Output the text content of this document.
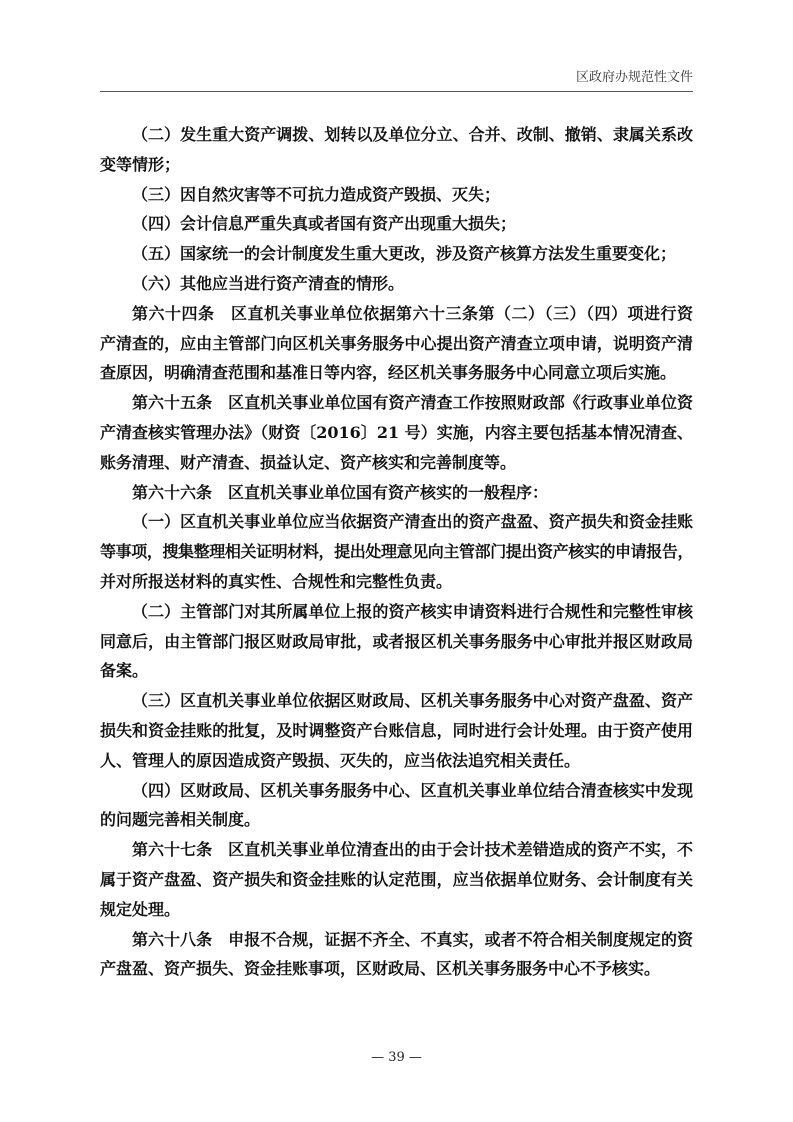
区政府办规范性文件
（二）发生重大资产调拨、划转以及单位分立、合并、改制、撤销、隶属关系改
变等情形；
（三）因自然灾害等不可抗力造成资产毁损、灭失；
（四）会计信息严重失真或者国有资产出现重大损失；
（五）国家统一的会计制度发生重大更改，涉及资产核算方法发生重要变化；
（六）其他应当进行资产清查的情形。
第六十四条　区直机关事业单位依据第六十三条第（二）（三）（四）项进行资
产清查的，应由主管部门向区机关事务服务中心提出资产清查立项申请，说明资产清
查原因，明确清查范围和基准日等内容，经区机关事务服务中心同意立项后实施。
第六十五条　区直机关事业单位国有资产清查工作按照财政部《行政事业单位资
产清查核实管理办法》（财资〔2016〕21 号）实施，内容主要包括基本情况清查、
账务清理、财产清查、损益认定、资产核实和完善制度等。
第六十六条　区直机关事业单位国有资产核实的一般程序：
（一）区直机关事业单位应当依据资产清查出的资产盘盈、资产损失和资金挂账
等事项，搜集整理相关证明材料，提出处理意见向主管部门提出资产核实的申请报告，
并对所报送材料的真实性、合规性和完整性负责。
（二）主管部门对其所属单位上报的资产核实申请资料进行合规性和完整性审核
同意后，由主管部门报区财政局审批，或者报区机关事务服务中心审批并报区财政局
备案。
（三）区直机关事业单位依据区财政局、区机关事务服务中心对资产盘盈、资产
损失和资金挂账的批复，及时调整资产台账信息，同时进行会计处理。由于资产使用
人、管理人的原因造成资产毁损、灭失的，应当依法追究相关责任。
（四）区财政局、区机关事务服务中心、区直机关事业单位结合清查核实中发现
的问题完善相关制度。
第六十七条　区直机关事业单位清查出的由于会计技术差错造成的资产不实，不
属于资产盘盈、资产损失和资金挂账的认定范围，应当依据单位财务、会计制度有关
规定处理。
第六十八条　申报不合规，证据不齐全、不真实，或者不符合相关制度规定的资
产盘盈、资产损失、资金挂账事项，区财政局、区机关事务服务中心不予核实。
— 39 —
